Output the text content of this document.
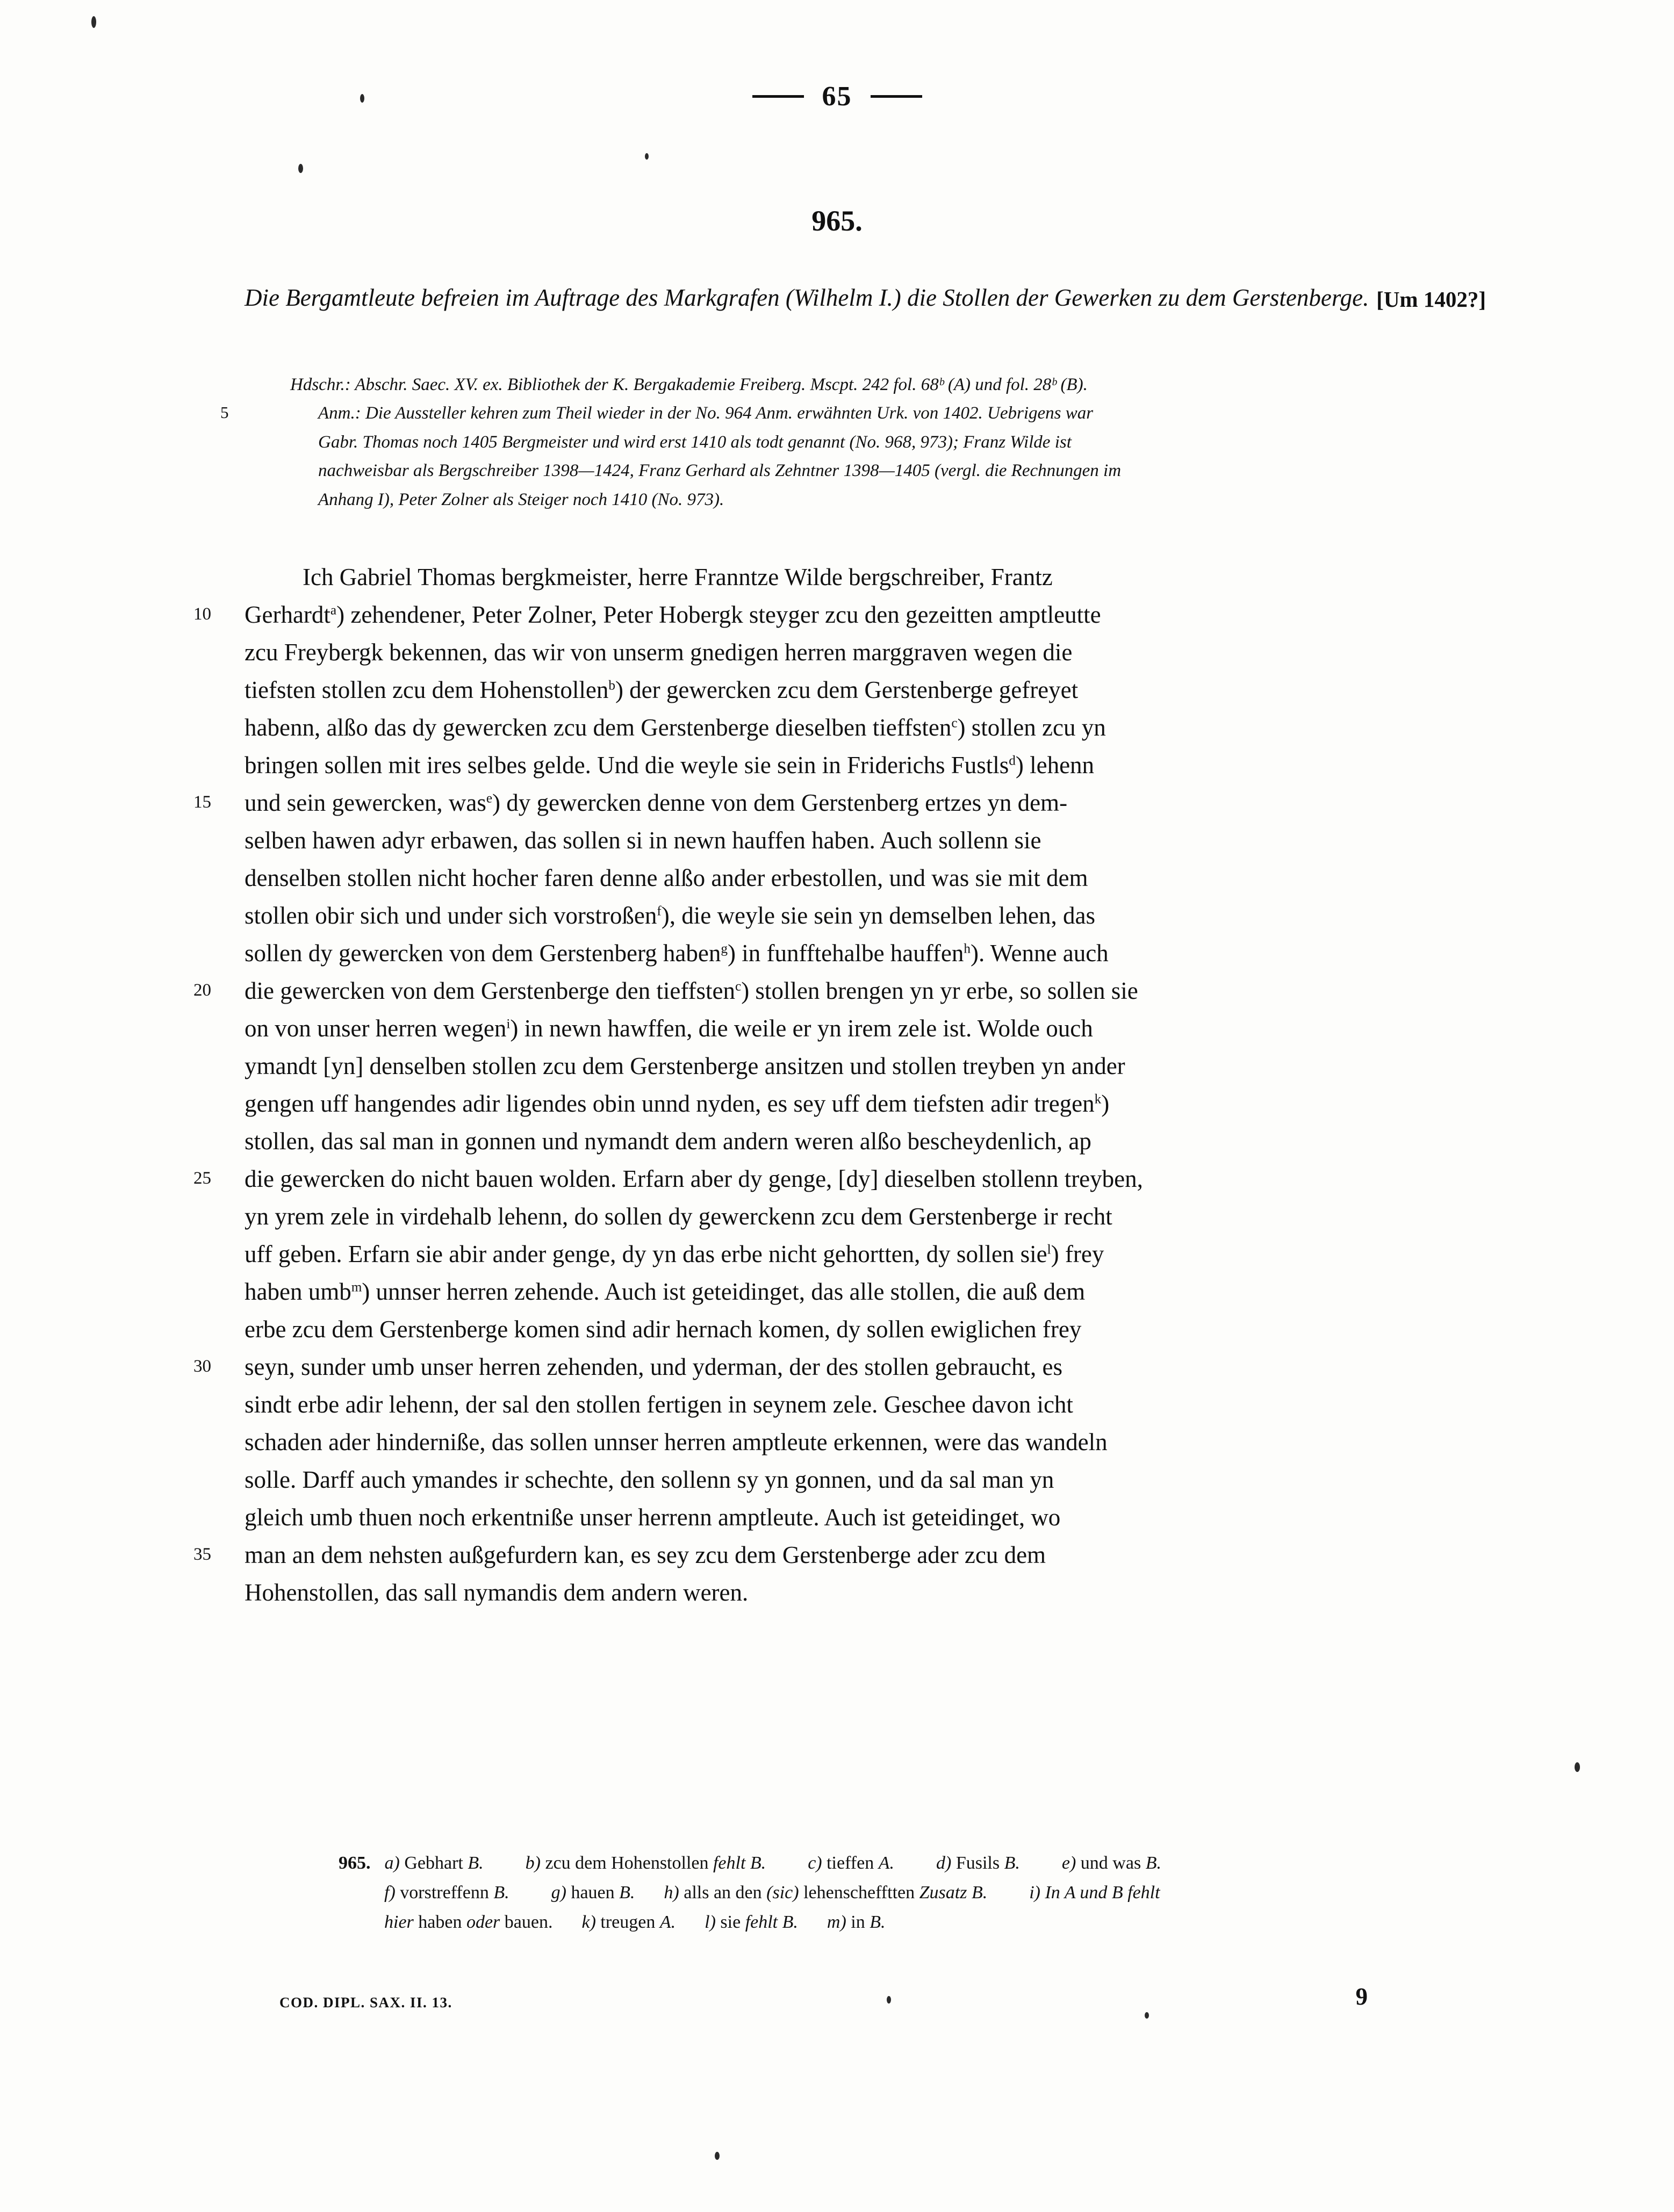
65
965.
[Um 1402?]
Die Bergamtleute befreien im Auftrage des Markgrafen (Wilhelm I.) die Stollen der Gewerken zu dem Gerstenberge.
Hdschr.: Abschr. Saec. XV. ex. Bibliothek der K. Bergakademie Freiberg. Mscpt. 242 fol. 68ᵇ (A) und fol. 28ᵇ (B).
5	Anm.: Die Aussteller kehren zum Theil wieder in der No. 964 Anm. erwähnten Urk. von 1402. Uebrigens war
Gabr. Thomas noch 1405 Bergmeister und wird erst 1410 als todt genannt (No. 968, 973); Franz Wilde ist
nachweisbar als Bergschreiber 1398—1424, Franz Gerhard als Zehntner 1398—1405 (vergl. die Rechnungen im
Anhang I), Peter Zolner als Steiger noch 1410 (No. 973).
Ich Gabriel Thomas bergkmeister, herre Franntze Wilde bergschreiber, Frantz
10 Gerhardt$^a$) zehendener, Peter Zolner, Peter Hobergk steyger zcu den gezeitten amptleutte
zcu Freybergk bekennen, das wir von unserm gnedigen herren marggraven wegen die
tiefsten stollen zcu dem Hohenstollen$^b$) der gewercken zcu dem Gerstenberge gefreyet
habenn, alßo das dy gewercken zcu dem Gerstenberge dieselben tieffsten$^c$) stollen zcu yn
bringen sollen mit ires selbes gelde. Und die weyle sie sein in Friderichs Fustls$^d$) lehenn
15 und sein gewercken, was$^e$) dy gewercken denne von dem Gerstenberg ertzes yn dem-
selben hawen adyr erbawen, das sollen si in newn hauffen haben. Auch sollenn sie
denselben stollen nicht hocher faren denne alßo ander erbestollen, und was sie mit dem
stollen obir sich und under sich vorstroßen$^f$), die weyle sie sein yn demselben lehen, das
sollen dy gewercken von dem Gerstenberg haben$^g$) in funfftehalbe hauffen$^h$). Wenne auch
20 die gewercken von dem Gerstenberge den tieffsten$^c$) stollen brengen yn yr erbe, so sollen sie
on von unser herren wegen$^i$) in newn hawffen, die weile er yn irem zele ist. Wolde ouch
ymandt [yn] denselben stollen zcu dem Gerstenberge ansitzen und stollen treyben yn ander
gengen uff hangendes adir ligendes obin unnd nyden, es sey uff dem tiefsten adir tregen$^k$)
stollen, das sal man in gonnen und nymandt dem andern weren alßo bescheydenlich, ap
25 die gewercken do nicht bauen wolden. Erfarn aber dy genge, [dy] dieselben stollenn treyben,
yn yrem zele in virdehalb lehenn, do sollen dy gewerckenn zcu dem Gerstenberge ir recht
uff geben. Erfarn sie abir ander genge, dy yn das erbe nicht gehortten, dy sollen sie$^l$) frey
haben umb$^m$) unnser herren zehende. Auch ist geteidinget, das alle stollen, die auß dem
erbe zcu dem Gerstenberge komen sind adir hernach komen, dy sollen ewiglichen frey
30 seyn, sunder umb unser herren zehenden, und yderman, der des stollen gebraucht, es
sindt erbe adir lehenn, der sal den stollen fertigen in seynem zele. Geschee davon icht
schaden ader hinderniße, das sollen unnser herren amptleute erkennen, were das wandeln
solle. Darff auch ymandes ir schechte, den sollenn sy yn gonnen, und da sal man yn
gleich umb thuen noch erkentniße unser herrenn amptleute. Auch ist geteidinget, wo
35 man an dem nehsten außgefurdern kan, es sey zcu dem Gerstenberge ader zcu dem
Hohenstollen, das sall nymandis dem andern weren.
965. a) Gebhart B. b) zcu dem Hohenstollen fehlt B. c) tieffen A. d) Fusils B. e) und was B.
f) vorstreffenn B. g) hauen B. h) alls an den (sic) lehenschefftten Zusatz B. i) In A und B fehlt
hier haben oder bauen. k) treugen A. l) sie fehlt B. m) in B.
COD. DIPL. SAX. II. 13.	9
